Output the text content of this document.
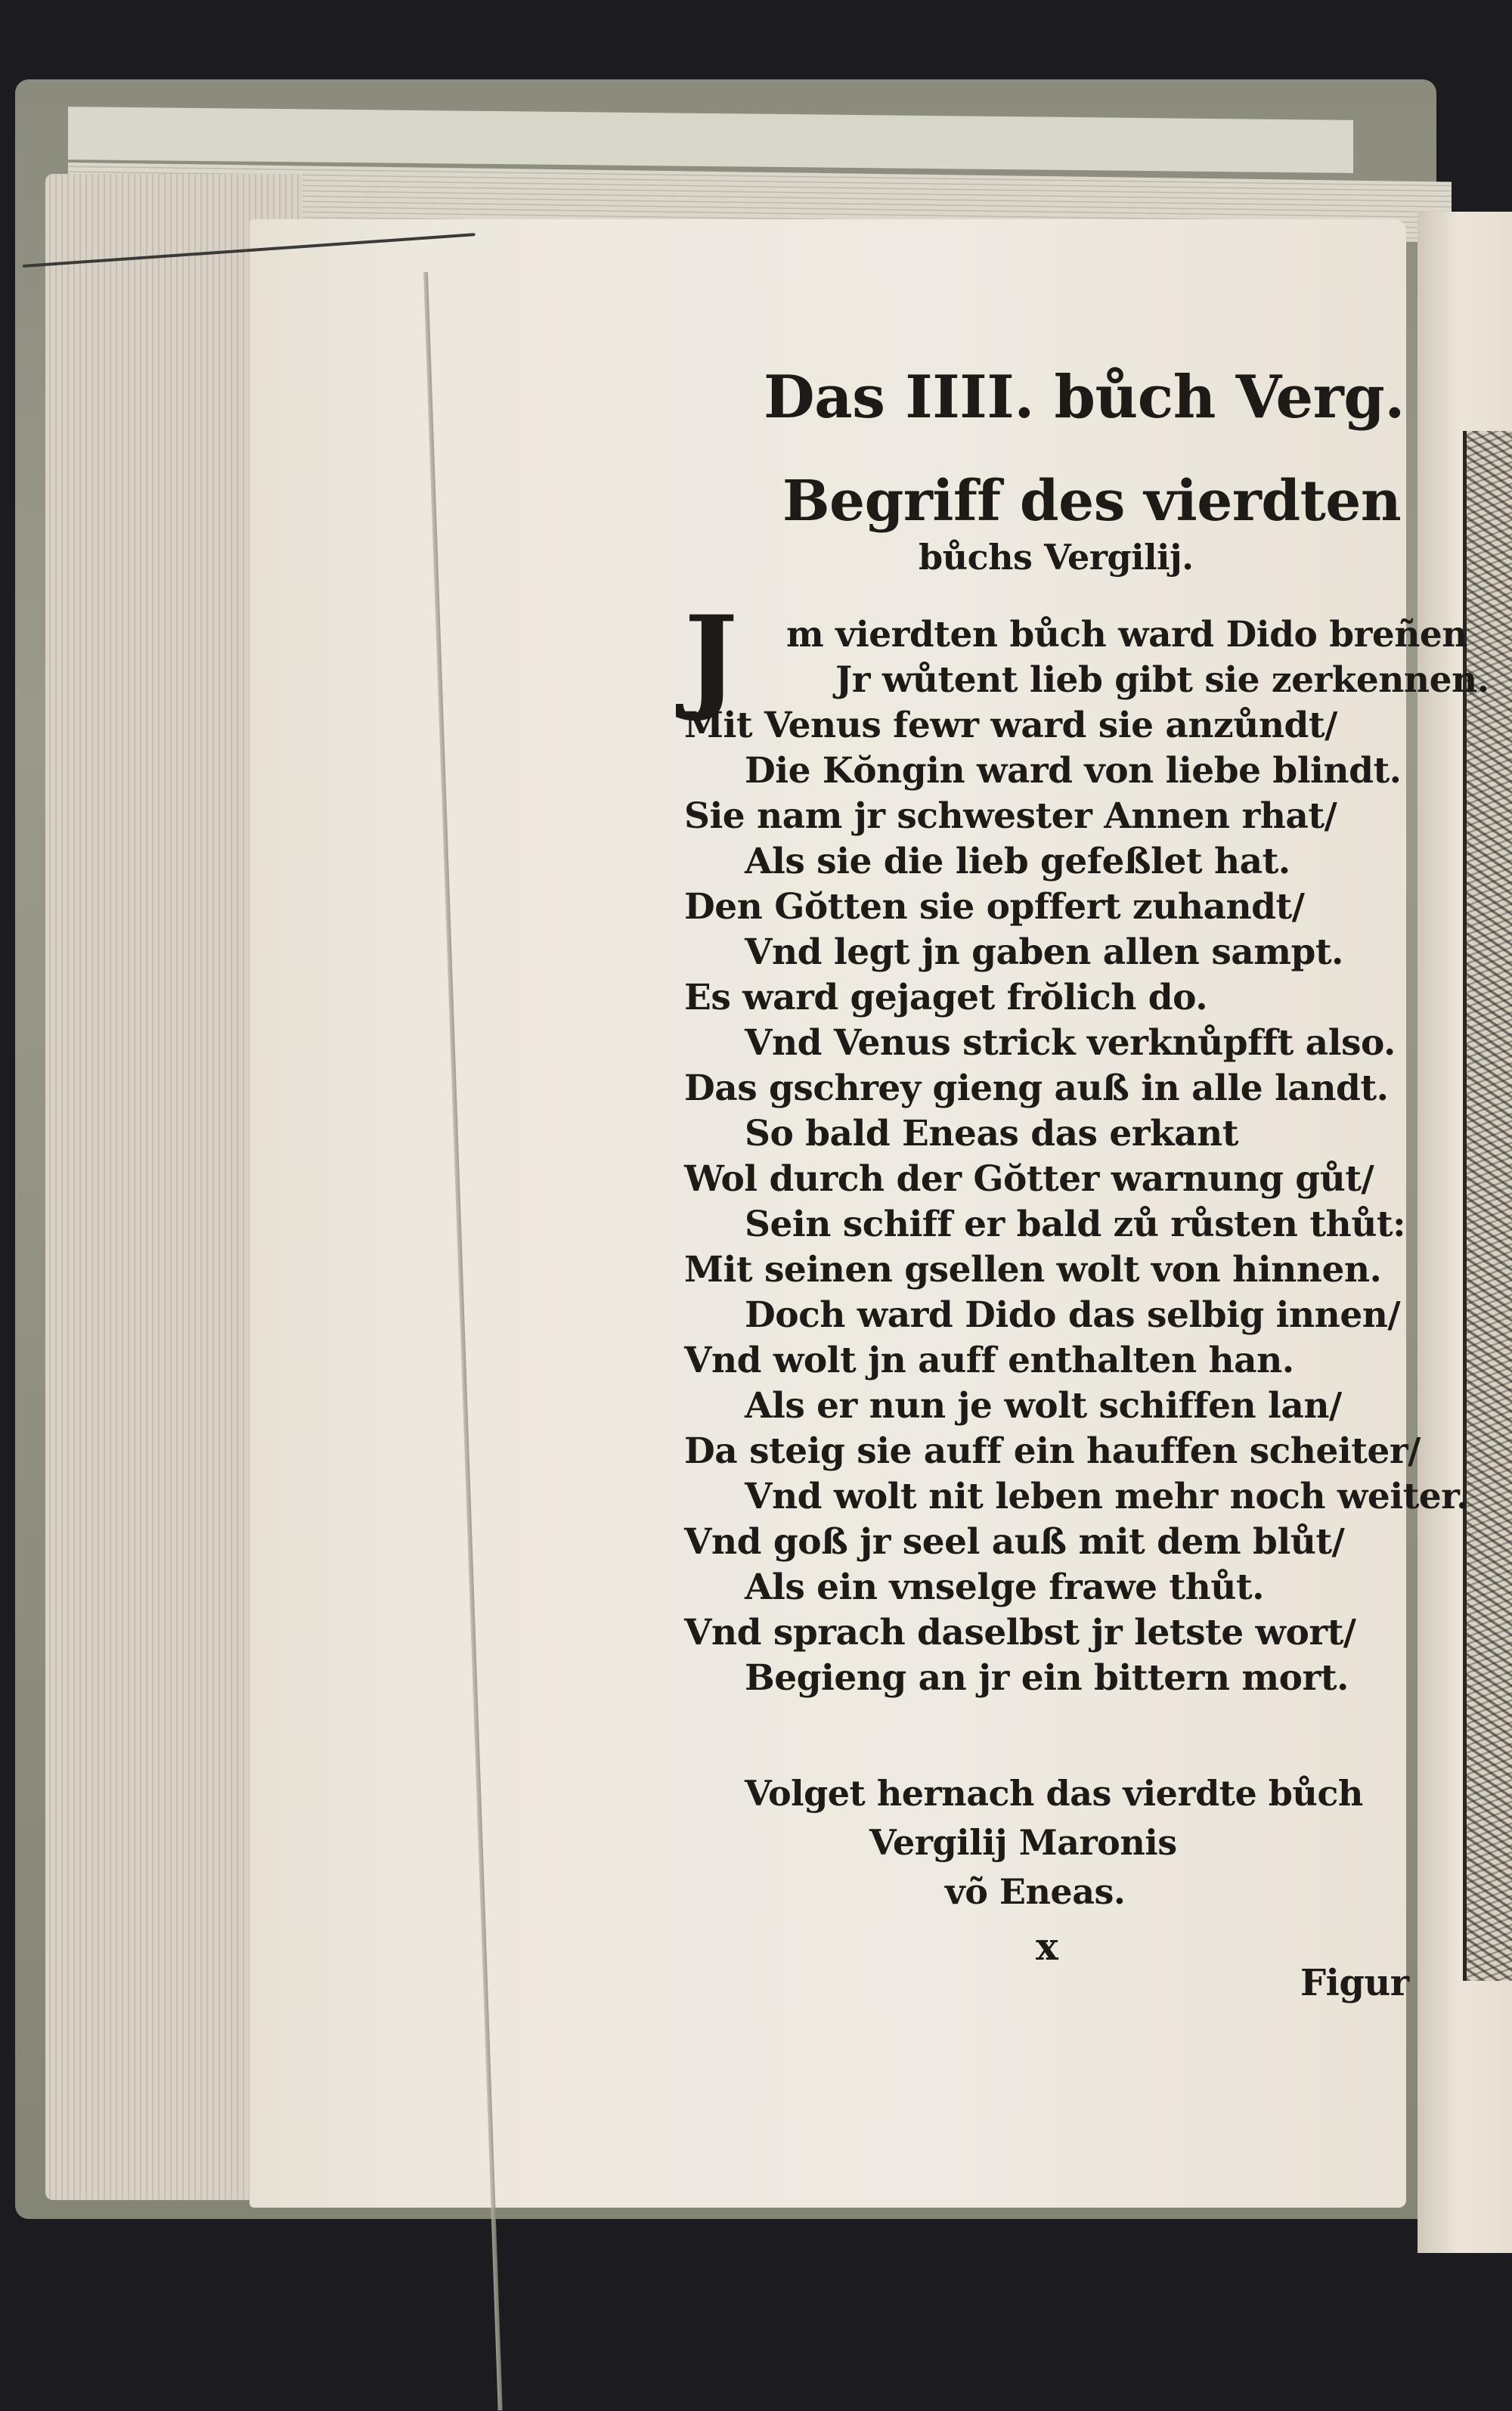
Das IIII. bůch Verg.
Begriff des vierdten
bůchs Vergilij.
J m vierdten bůch ward Dido breñen
Jr wůtent lieb gibt sie zerkennen.
Mit Venus fewr ward sie anzůndt/
Die Kŏngin ward von liebe blindt.
Sie nam jr schwester Annen rhat/
Als sie die lieb gefeßlet hat.
Den Gŏtten sie opffert zuhandt/
Vnd legt jn gaben allen sampt.
Es ward gejaget frŏlich do.
Vnd Venus strick verknůpfft also.
Das gschrey gieng auß in alle landt.
So bald Eneas das erkant
Wol durch der Gŏtter warnung gůt/
Sein schiff er bald zů růsten thůt:
Mit seinen gsellen wolt von hinnen.
Doch ward Dido das selbig innen/
Vnd wolt jn auff enthalten han.
Als er nun je wolt schiffen lan/
Da steig sie auff ein hauffen scheiter/
Vnd wolt nit leben mehr noch weiter.
Vnd goß jr seel auß mit dem blůt/
Als ein vnselge frawe thůt.
Vnd sprach daselbst jr letste wort/
Begieng an jr ein bittern mort.
Volget hernach das vierdte bůch
Vergilij Maronis
võ Eneas.
x
Figur
